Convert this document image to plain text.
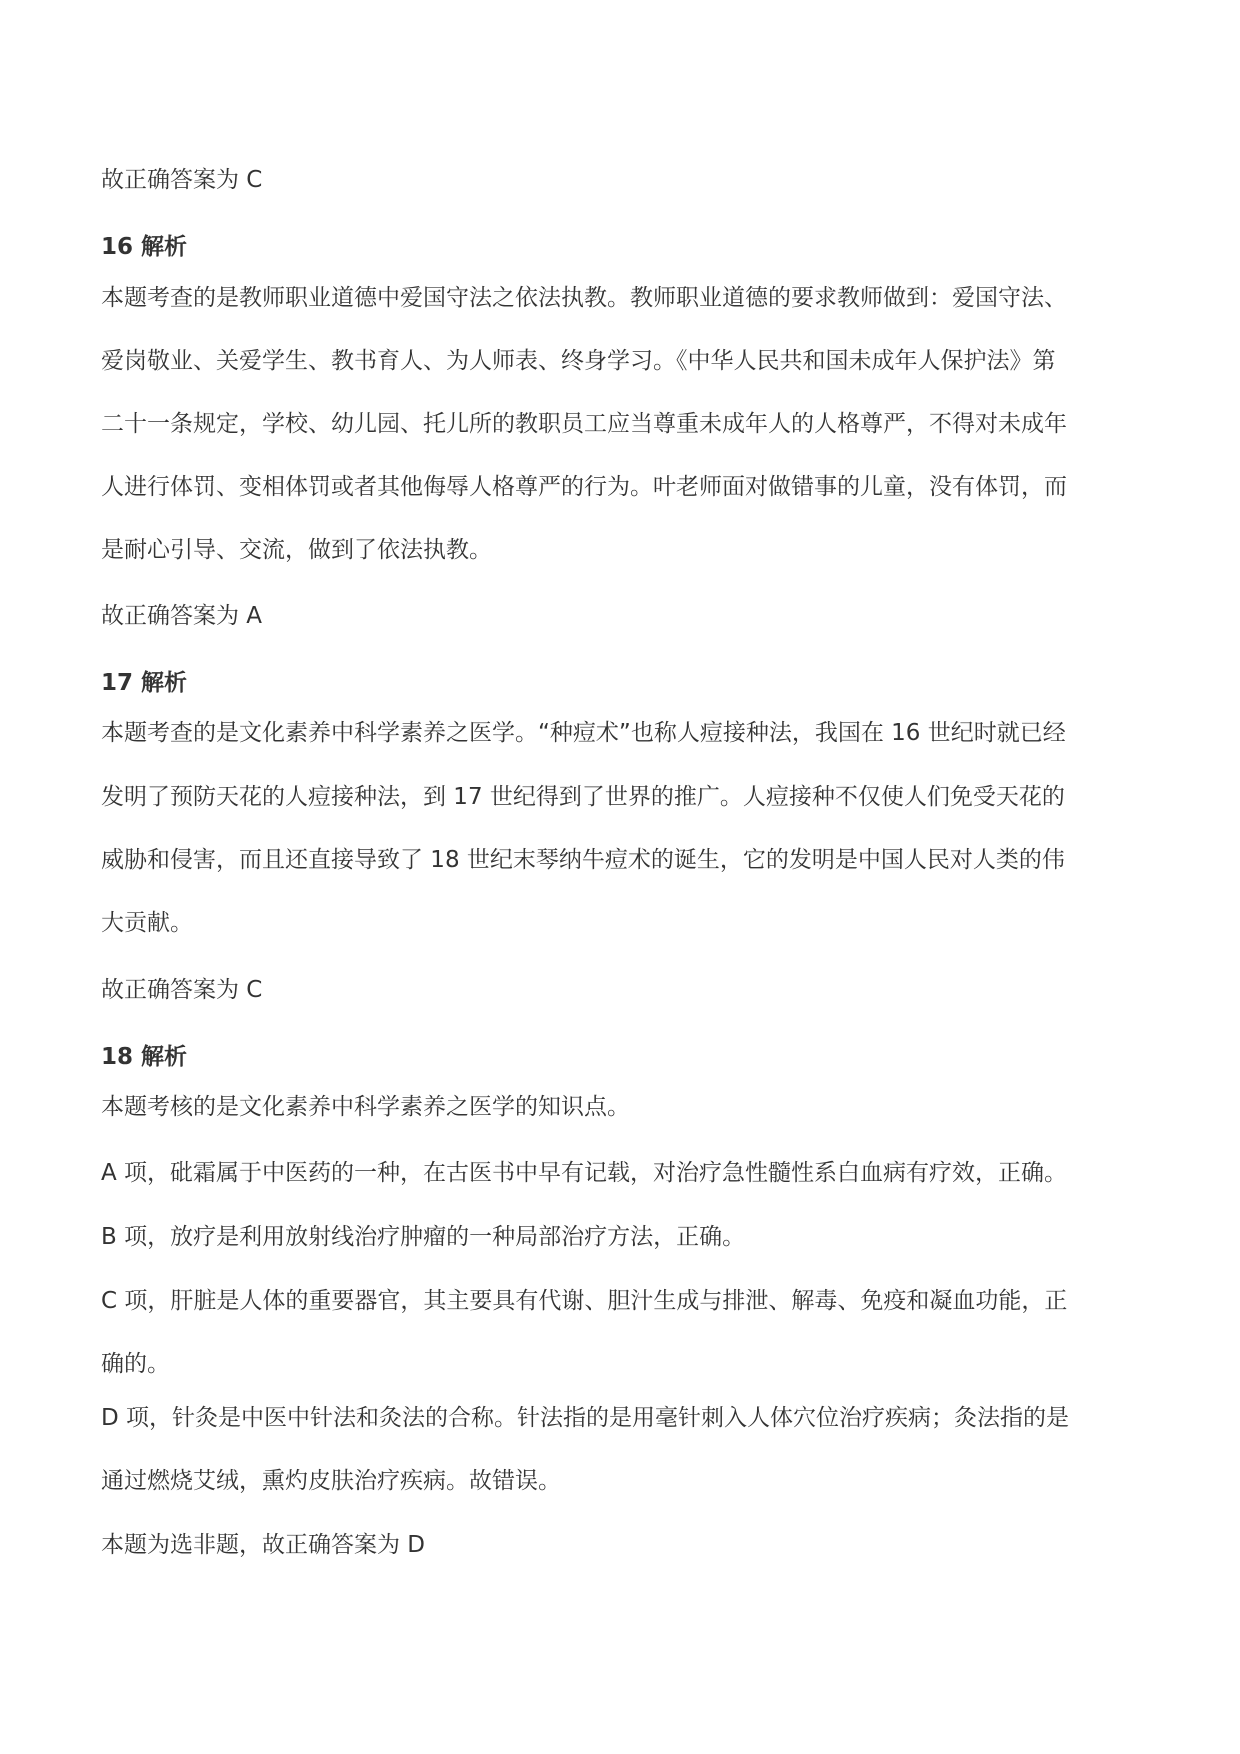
故正确答案为 C

16 解析

本题考查的是教师职业道德中爱国守法之依法执教。教师职业道德的要求教师做到：爱国守法、

爱岗敬业、关爱学生、教书育人、为人师表、终身学习。《中华人民共和国未成年人保护法》第

二十一条规定，学校、幼儿园、托儿所的教职员工应当尊重未成年人的人格尊严，不得对未成年

人进行体罚、变相体罚或者其他侮辱人格尊严的行为。叶老师面对做错事的儿童，没有体罚，而

是耐心引导、交流，做到了依法执教。

故正确答案为 A

17 解析

本题考查的是文化素养中科学素养之医学。“种痘术”也称人痘接种法，我国在 16 世纪时就已经

发明了预防天花的人痘接种法，到 17 世纪得到了世界的推广。人痘接种不仅使人们免受天花的

威胁和侵害，而且还直接导致了 18 世纪末琴纳牛痘术的诞生，它的发明是中国人民对人类的伟

大贡献。

故正确答案为 C

18 解析

本题考核的是文化素养中科学素养之医学的知识点。

A 项，砒霜属于中医药的一种，在古医书中早有记载，对治疗急性髓性系白血病有疗效，正确。

B 项，放疗是利用放射线治疗肿瘤的一种局部治疗方法，正确。

C 项，肝脏是人体的重要器官，其主要具有代谢、胆汁生成与排泄、解毒、免疫和凝血功能，正

确的。

D 项，针灸是中医中针法和灸法的合称。针法指的是用毫针刺入人体穴位治疗疾病；灸法指的是

通过燃烧艾绒，熏灼皮肤治疗疾病。故错误。

本题为选非题，故正确答案为 D
